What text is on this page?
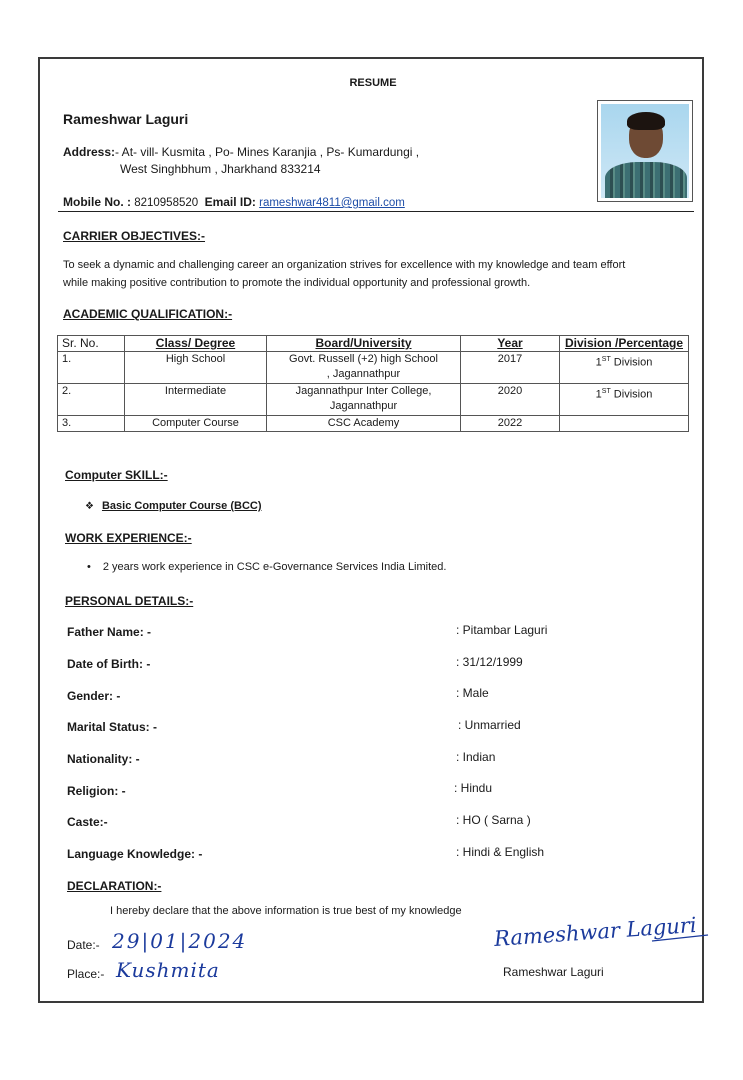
RESUME
Rameshwar Laguri
Address:- At- vill- Kusmita , Po- Mines Karanjia , Ps- Kumardungi ,
West Singhbhum , Jharkhand 833214
Mobile No. : 8210958520 Email ID: rameshwar4811@gmail.com
CARRIER OBJECTIVES:-
To seek a dynamic and challenging career an organization strives for excellence with my knowledge and team effort
while making positive contribution to promote the individual opportunity and professional growth.
ACADEMIC QUALIFICATION:-
Sr. No.	Class/ Degree	Board/University	Year	Division /Percentage
1.	High School	Govt. Russell (+2) high School
, Jagannathpur	2017	1ST Division
2.	Intermediate	Jagannathpur Inter College,
Jagannathpur	2020	1ST Division
3.	Computer Course	CSC Academy	2022	
Computer SKILL:-
❖ Basic Computer Course (BCC)
WORK EXPERIENCE:-
• 2 years work experience in CSC e-Governance Services India Limited.
PERSONAL DETAILS:-
Father Name: -	: Pitambar Laguri
Date of Birth: -	: 31/12/1999
Gender: -	: Male
Marital Status: -	: Unmarried
Nationality: -	: Indian
Religion: -	: Hindu
Caste:-	: HO ( Sarna )
Language Knowledge: -	: Hindi & English
DECLARATION:-
I hereby declare that the above information is true best of my knowledge
Date:- 29|01|2024
Place:- Kushmita
Rameshwar Laguri
Rameshwar Laguri
